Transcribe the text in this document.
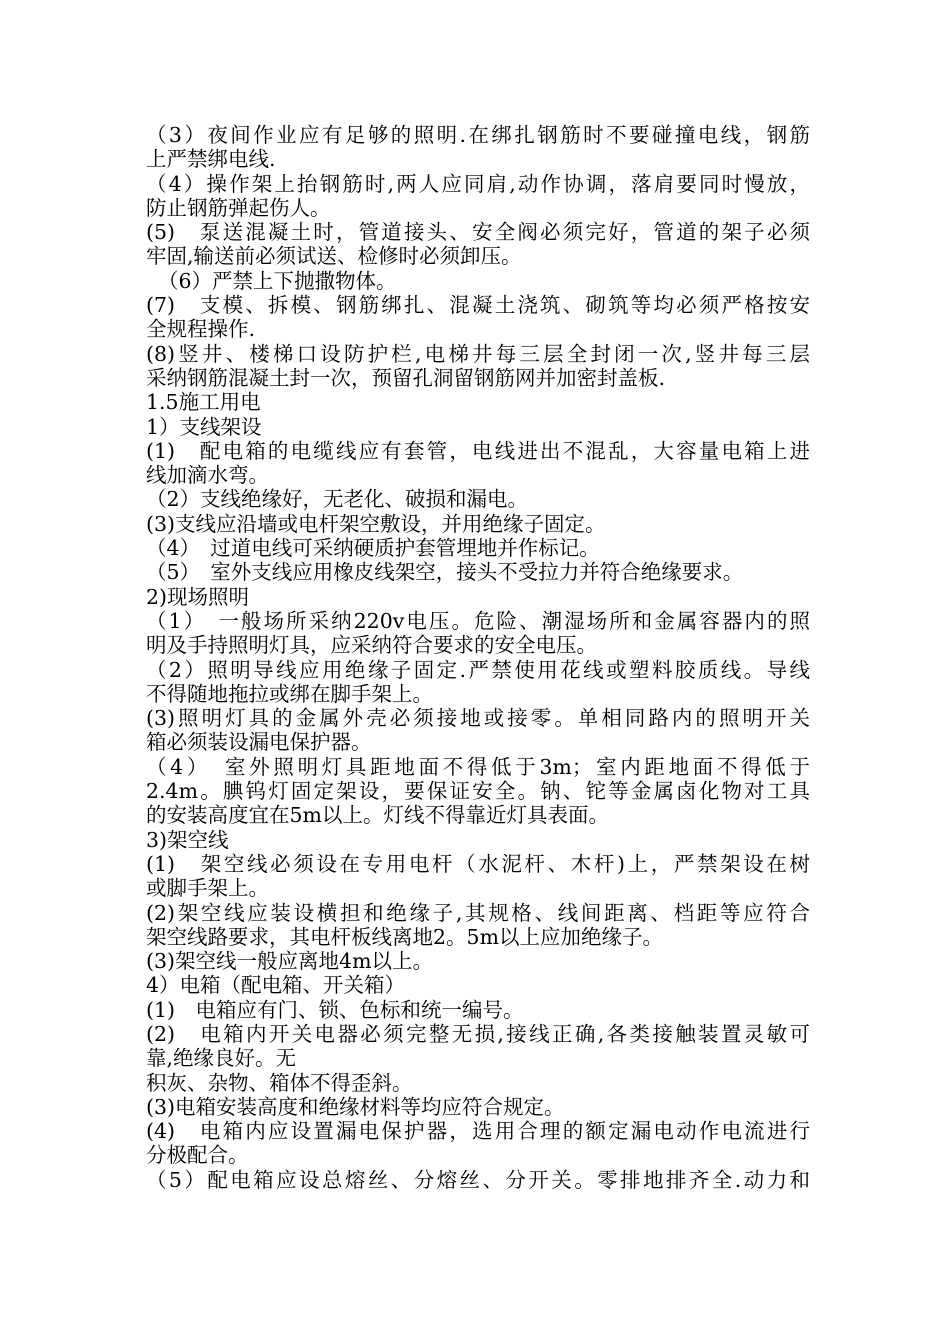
（3）夜间作业应有足够的照明.在绑扎钢筋时不要碰撞电线，钢筋
上严禁绑电线.
（4）操作架上抬钢筋时,两人应同肩,动作协调，落肩要同时慢放，
防止钢筋弹起伤人。
(5)　泵送混凝土时，管道接头、安全阀必须完好，管道的架子必须
牢固,输送前必须试送、检修时必须卸压。
（6）严禁上下抛撒物体。
(7)　支模、拆模、钢筋绑扎、混凝土浇筑、砌筑等均必须严格按安
全规程操作.
(8)竖井、楼梯口设防护栏,电梯井每三层全封闭一次,竖井每三层
采纳钢筋混凝土封一次，预留孔洞留钢筋网并加密封盖板.
1.5施工用电
1）支线架设
(1)　配电箱的电缆线应有套管，电线进出不混乱，大容量电箱上进
线加滴水弯。
（2）支线绝缘好，无老化、破损和漏电。
(3)支线应沿墙或电杆架空敷设，并用绝缘子固定。
（4）　过道电线可采纳硬质护套管埋地并作标记。
（5）　室外支线应用橡皮线架空，接头不受拉力并符合绝缘要求。
2)现场照明
（1）　一般场所采纳220v电压。危险、潮湿场所和金属容器内的照
明及手持照明灯具，应采纳符合要求的安全电压。
（2）照明导线应用绝缘子固定.严禁使用花线或塑料胶质线。导线
不得随地拖拉或绑在脚手架上。
(3)照明灯具的金属外壳必须接地或接零。单相同路内的照明开关
箱必须装设漏电保护器。
（4）　室外照明灯具距地面不得低于3m；室内距地面不得低于
2.4m。腆钨灯固定架设，要保证安全。钠、铊等金属卤化物对工具
的安装高度宜在5m以上。灯线不得靠近灯具表面。
3)架空线
(1)　架空线必须设在专用电杆（水泥杆、木杆)上，严禁架设在树
或脚手架上。
(2)架空线应装设横担和绝缘子,其规格、线间距离、档距等应符合
架空线路要求，其电杆板线离地2。5m以上应加绝缘子。
(3)架空线一般应离地4m以上。
4）电箱（配电箱、开关箱）
(1)　电箱应有门、锁、色标和统一编号。
(2)　电箱内开关电器必须完整无损,接线正确,各类接触装置灵敏可
靠,绝缘良好。无
积灰、杂物、箱体不得歪斜。
(3)电箱安装高度和绝缘材料等均应符合规定。
(4)　电箱内应设置漏电保护器，选用合理的额定漏电动作电流进行
分极配合。
（5）配电箱应设总熔丝、分熔丝、分开关。零排地排齐全.动力和
